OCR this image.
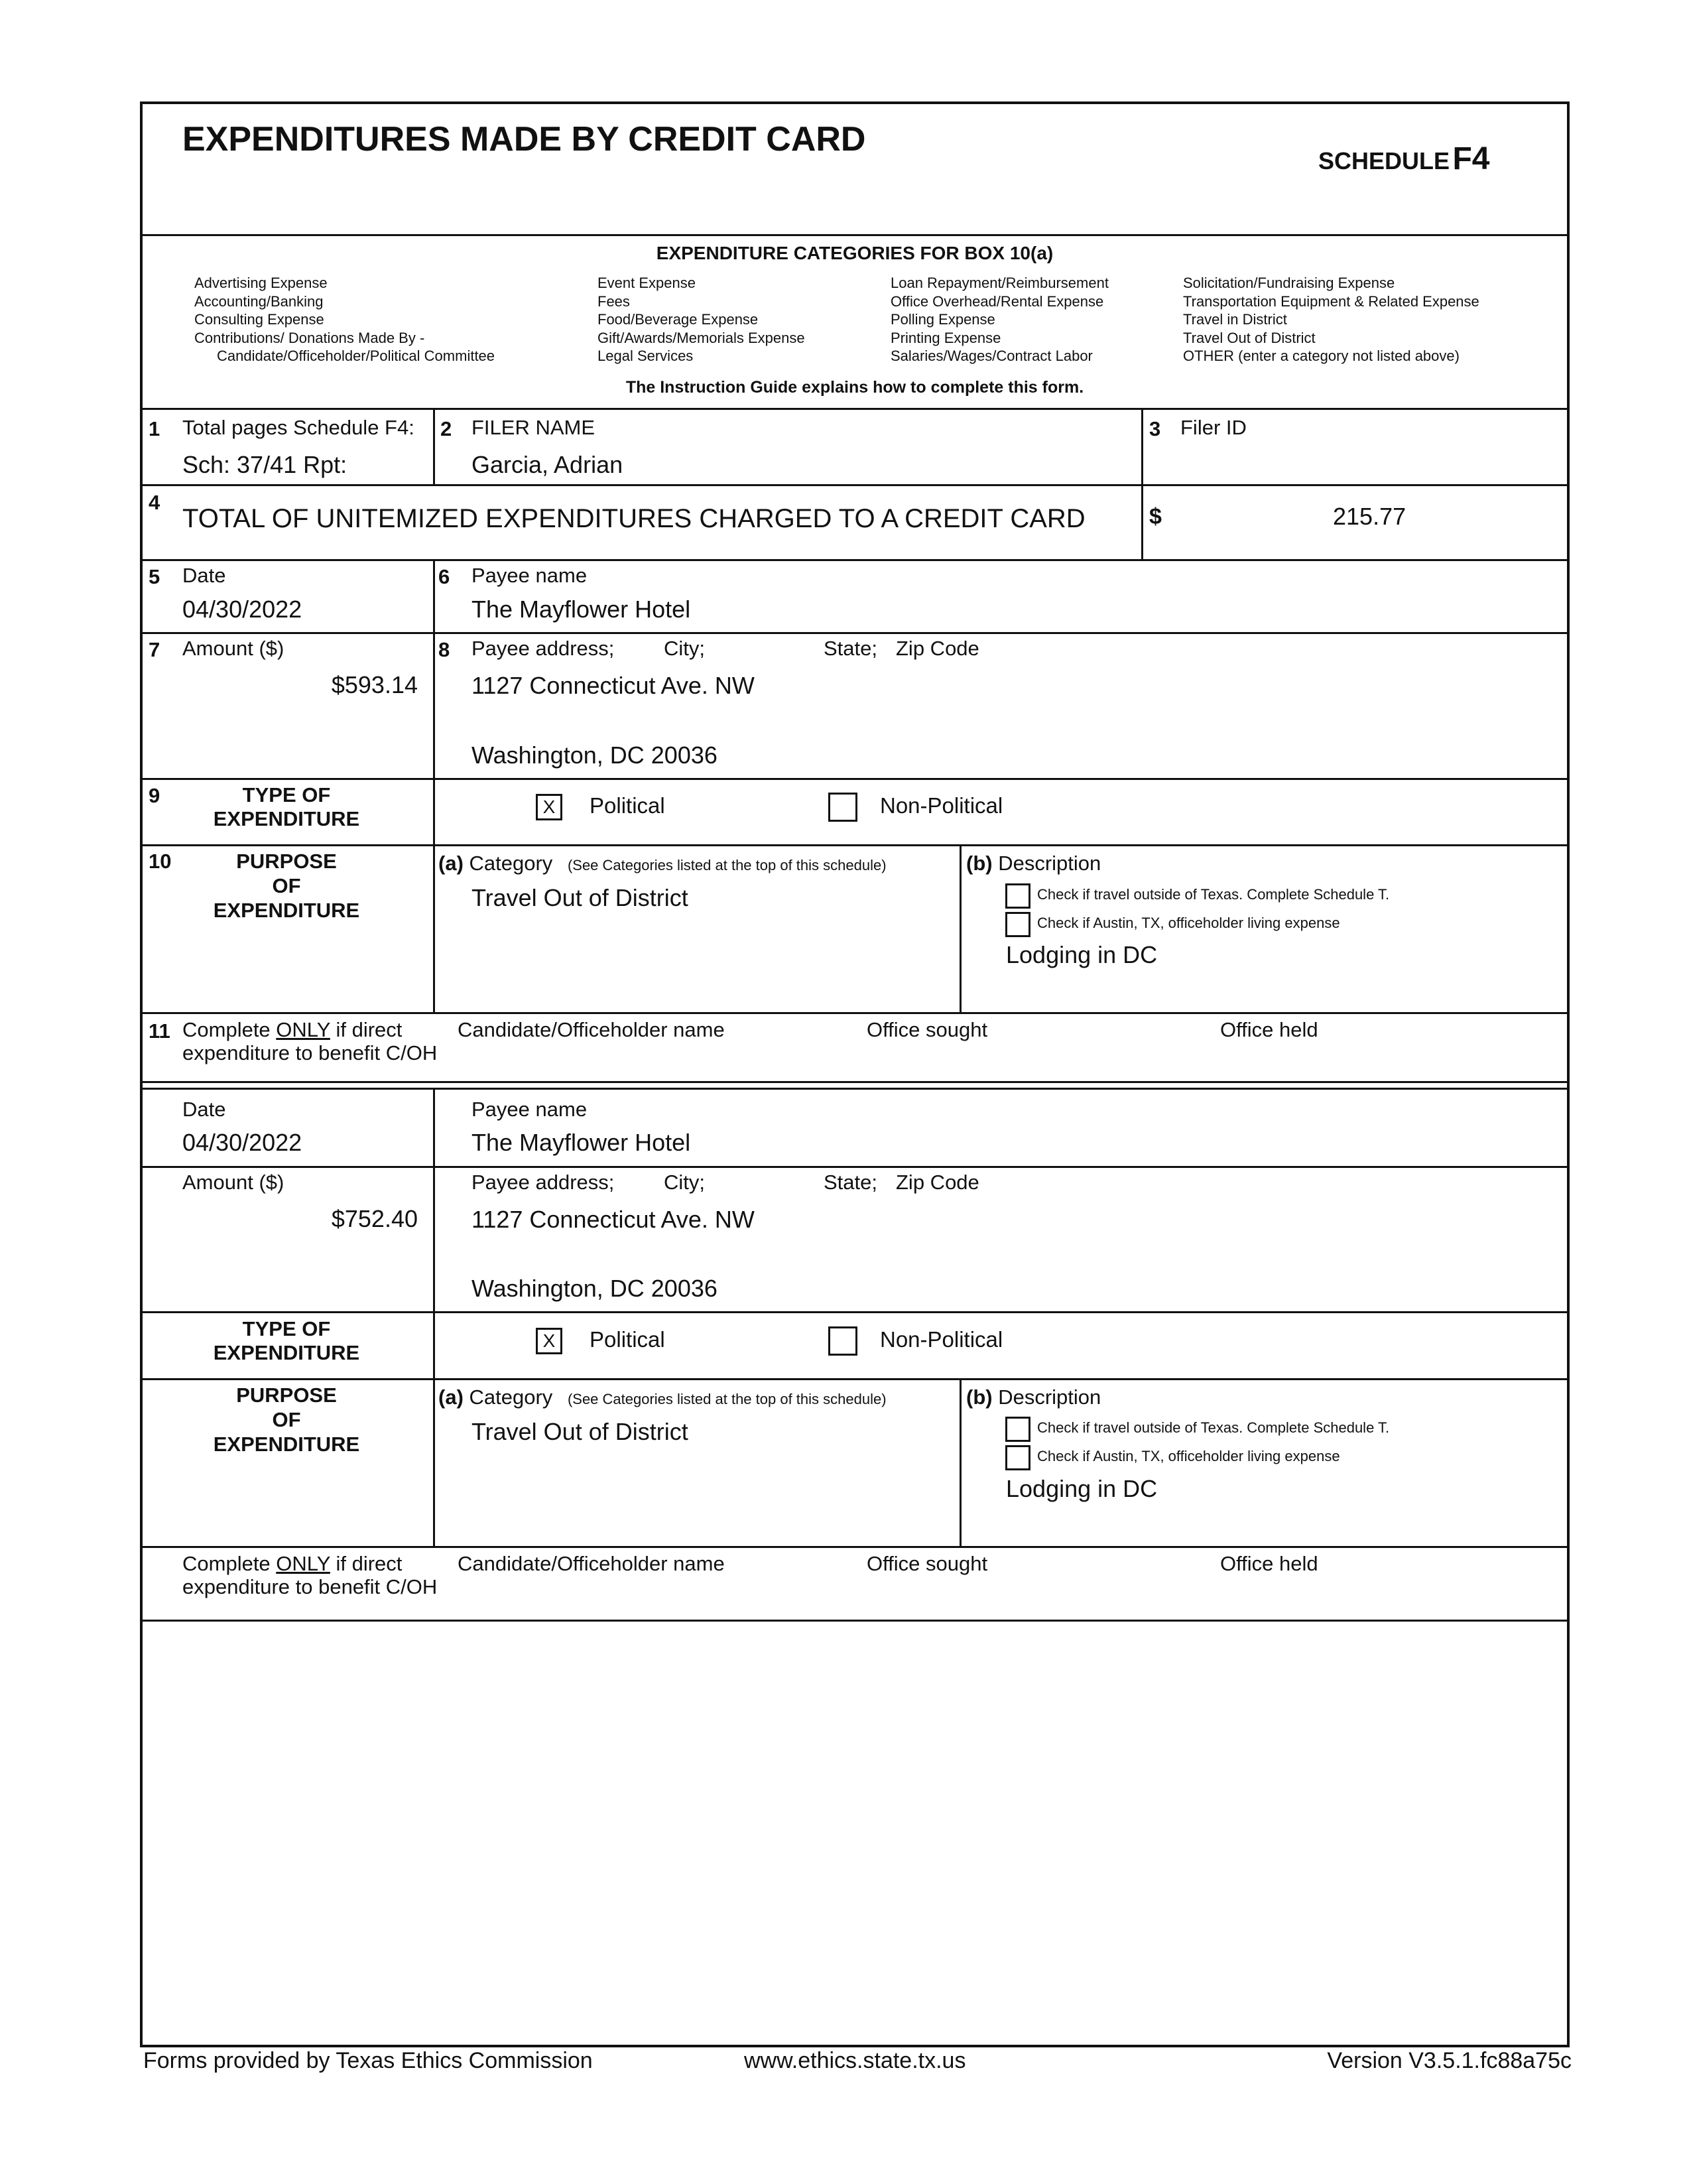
EXPENDITURES MADE BY CREDIT CARD
SCHEDULE F4
EXPENDITURE CATEGORIES FOR BOX 10(a)
Advertising Expense
Accounting/Banking
Consulting Expense
Contributions/ Donations Made By -
Candidate/Officeholder/Political Committee
Event Expense
Fees
Food/Beverage Expense
Gift/Awards/Memorials Expense
Legal Services
Loan Repayment/Reimbursement
Office Overhead/Rental Expense
Polling Expense
Printing Expense
Salaries/Wages/Contract Labor
Solicitation/Fundraising Expense
Transportation Equipment & Related Expense
Travel in District
Travel Out of District
OTHER (enter a category not listed above)
The Instruction Guide explains how to complete this form.
1 Total pages Schedule F4:
Sch: 37/41 Rpt:
2 FILER NAME
Garcia, Adrian
3 Filer ID
4
TOTAL OF UNITEMIZED EXPENDITURES CHARGED TO A CREDIT CARD	$	215.77
5 Date
04/30/2022
6 Payee name
The Mayflower Hotel
7 Amount ($)
$593.14
8 Payee address; City;	State; Zip Code
1127 Connecticut Ave. NW
Washington, DC 20036
9	TYPE OF
EXPENDITURE
X	Political	Non-Political
10	PURPOSE
OF
EXPENDITURE
(a) Category (See Categories listed at the top of this schedule)
Travel Out of District
(b) Description
Check if travel outside of Texas. Complete Schedule T.
Check if Austin, TX, officeholder living expense
Lodging in DC
11 Complete ONLY if direct
expenditure to benefit C/OH
Candidate/Officeholder name	Office sought	Office held
Date
04/30/2022
Payee name
The Mayflower Hotel
Amount ($)
$752.40
Payee address; City;	State; Zip Code
1127 Connecticut Ave. NW
Washington, DC 20036
TYPE OF
EXPENDITURE
X	Political	Non-Political
PURPOSE
OF
EXPENDITURE
(a) Category (See Categories listed at the top of this schedule)
Travel Out of District
(b) Description
Check if travel outside of Texas. Complete Schedule T.
Check if Austin, TX, officeholder living expense
Lodging in DC
Complete ONLY if direct
expenditure to benefit C/OH
Candidate/Officeholder name	Office sought	Office held
Forms provided by Texas Ethics Commission	www.ethics.state.tx.us	Version V3.5.1.fc88a75c
